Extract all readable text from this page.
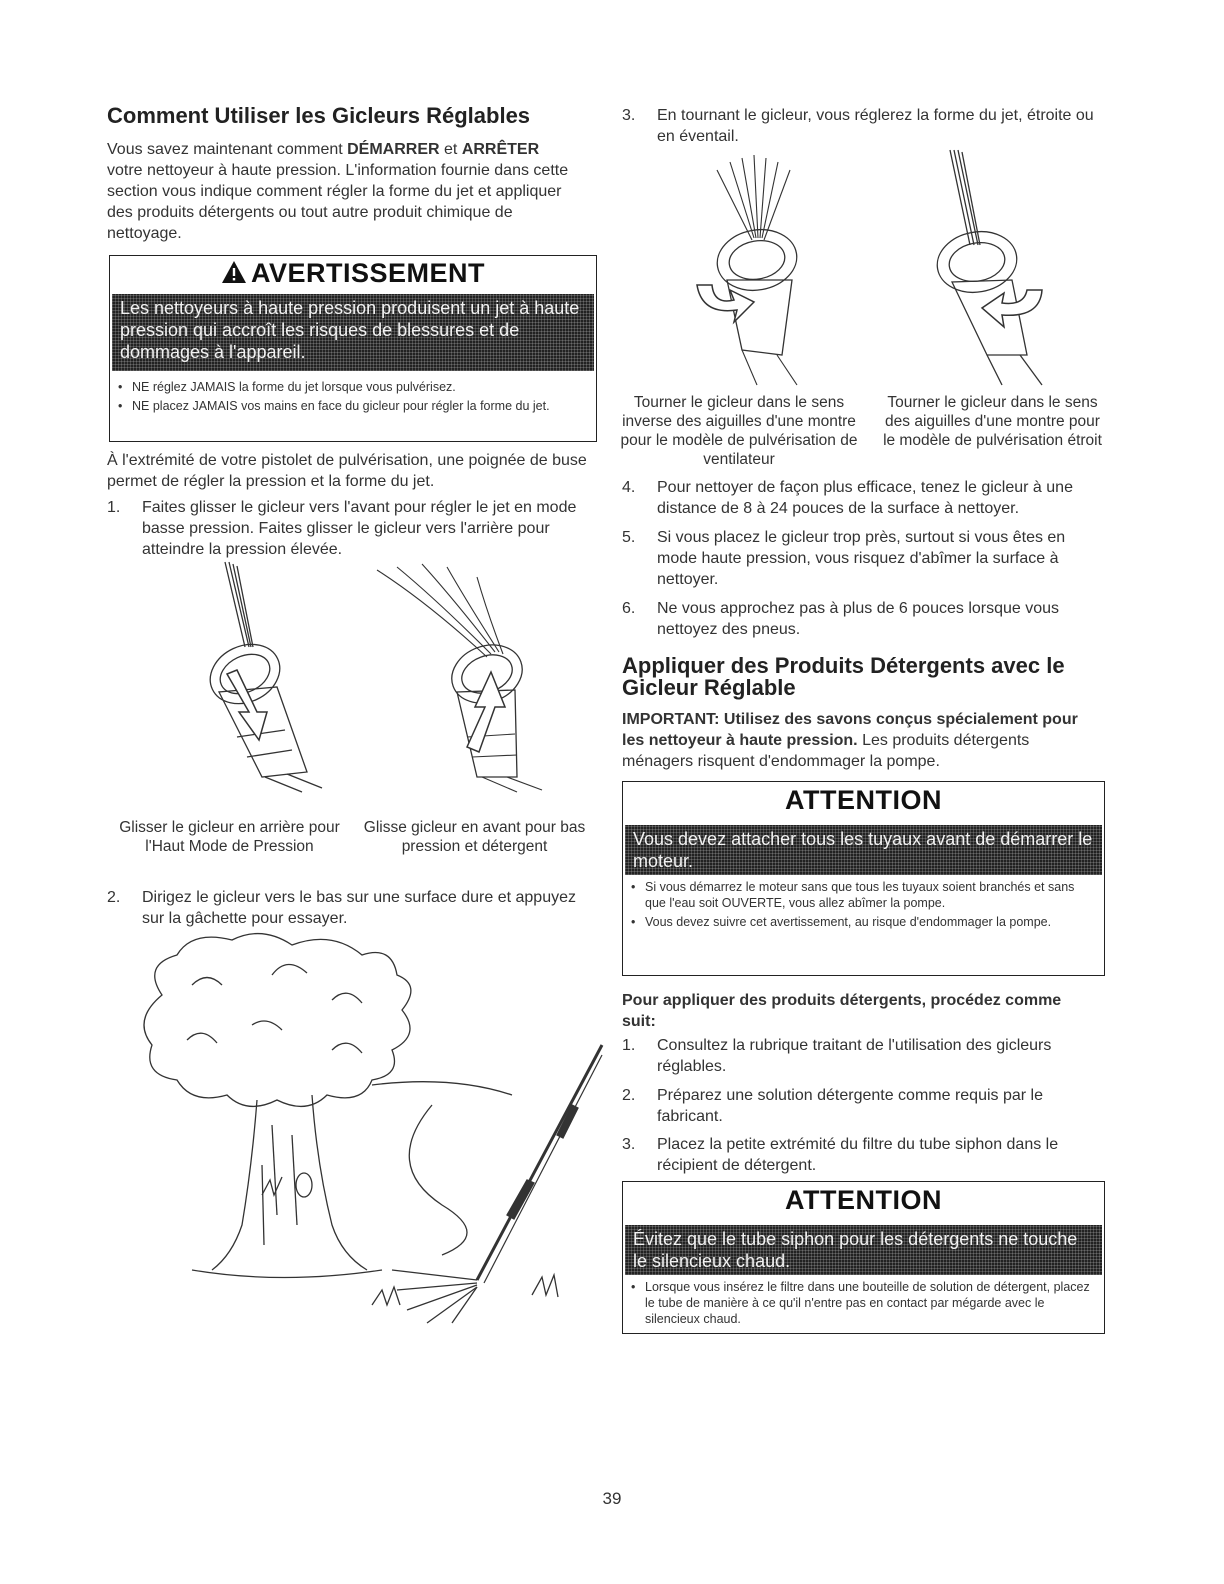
Comment Utiliser les Gicleurs Réglables

Vous savez maintenant comment DÉMARRER et ARRÊTER votre nettoyeur à haute pression. L'information fournie dans cette section vous indique comment régler la forme du jet et appliquer des produits détergents ou tout autre produit chimique de nettoyage.

AVERTISSEMENT
Les nettoyeurs à haute pression produisent un jet à haute pression qui accroît les risques de blessures et de dommages à l'appareil.
• NE réglez JAMAIS la forme du jet lorsque vous pulvérisez.
• NE placez JAMAIS vos mains en face du gicleur pour régler la forme du jet.

À l'extrémité de votre pistolet de pulvérisation, une poignée de buse permet de régler la pression et la forme du jet.

1. Faites glisser le gicleur vers l'avant pour régler le jet en mode basse pression. Faites glisser le gicleur vers l'arrière pour atteindre la pression élevée.
Glisser le gicleur en arrière pour l'Haut Mode de Pression
Glisse gicleur en avant pour bas pression et détergent
2. Dirigez le gicleur vers le bas sur une surface dure et appuyez sur la gâchette pour essayer.
3. En tournant le gicleur, vous réglerez la forme du jet, étroite ou en éventail.
Tourner le gicleur dans le sens inverse des aiguilles d'une montre pour le modèle de pulvérisation de ventilateur
Tourner le gicleur dans le sens des aiguilles d'une montre pour le modèle de pulvérisation étroit
4. Pour nettoyer de façon plus efficace, tenez le gicleur à une distance de 8 à 24 pouces de la surface à nettoyer.
5. Si vous placez le gicleur trop près, surtout si vous êtes en mode haute pression, vous risquez d'abîmer la surface à nettoyer.
6. Ne vous approchez pas à plus de 6 pouces lorsque vous nettoyez des pneus.
Appliquer des Produits Détergents avec le Gicleur Réglable

IMPORTANT: Utilisez des savons conçus spécialement pour les nettoyeur à haute pression. Les produits détergents ménagers risquent d'endommager la pompe.

ATTENTION
Vous devez attacher tous les tuyaux avant de démarrer le moteur.
• Si vous démarrez le moteur sans que tous les tuyaux soient branchés et sans que l'eau soit OUVERTE, vous allez abîmer la pompe.
• Vous devez suivre cet avertissement, au risque d'endommager la pompe.

Pour appliquer des produits détergents, procédez comme suit:

1. Consultez la rubrique traitant de l'utilisation des gicleurs réglables.
2. Préparez une solution détergente comme requis par le fabricant.
3. Placez la petite extrémité du filtre du tube siphon dans le récipient de détergent.
ATTENTION
Évitez que le tube siphon pour les détergents ne touche le silencieux chaud.
• Lorsque vous insérez le filtre dans une bouteille de solution de détergent, placez le tube de manière à ce qu'il n'entre pas en contact par mégarde avec le silencieux chaud.
39
